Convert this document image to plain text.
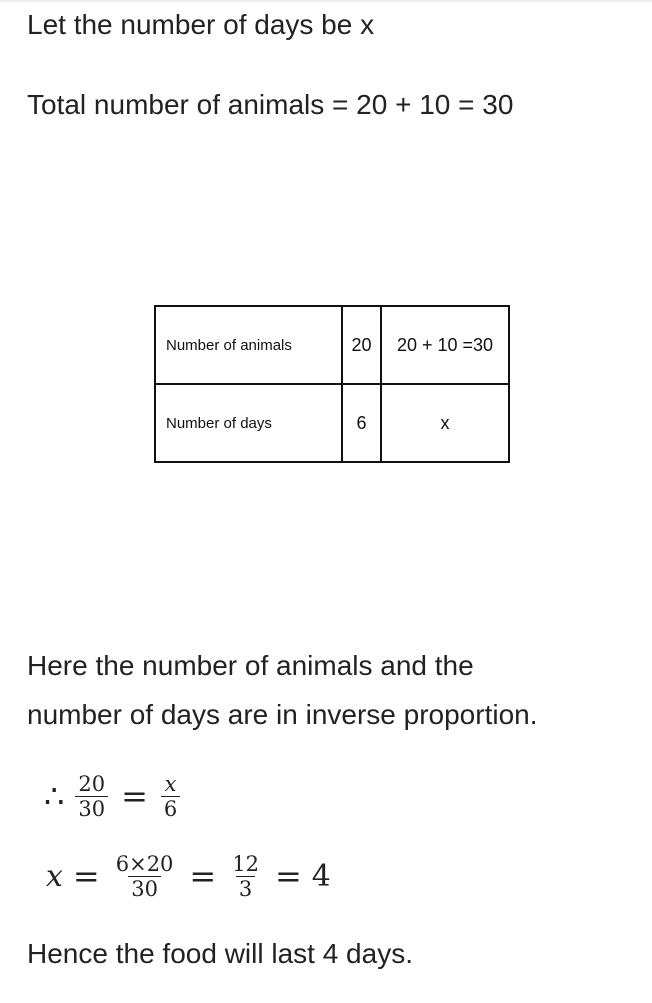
Let the number of days be x
Total number of animals = 20 + 10 = 30
Number of animals	20	20 + 10 =30
Number of days	6	x
Here the number of animals and the
number of days are in inverse proportion.
∴ $\frac{20}{30} = \frac{x}{6}$
$x = \frac{6\times 20}{30} = \frac{12}{3} = 4$
Hence the food will last 4 days.
